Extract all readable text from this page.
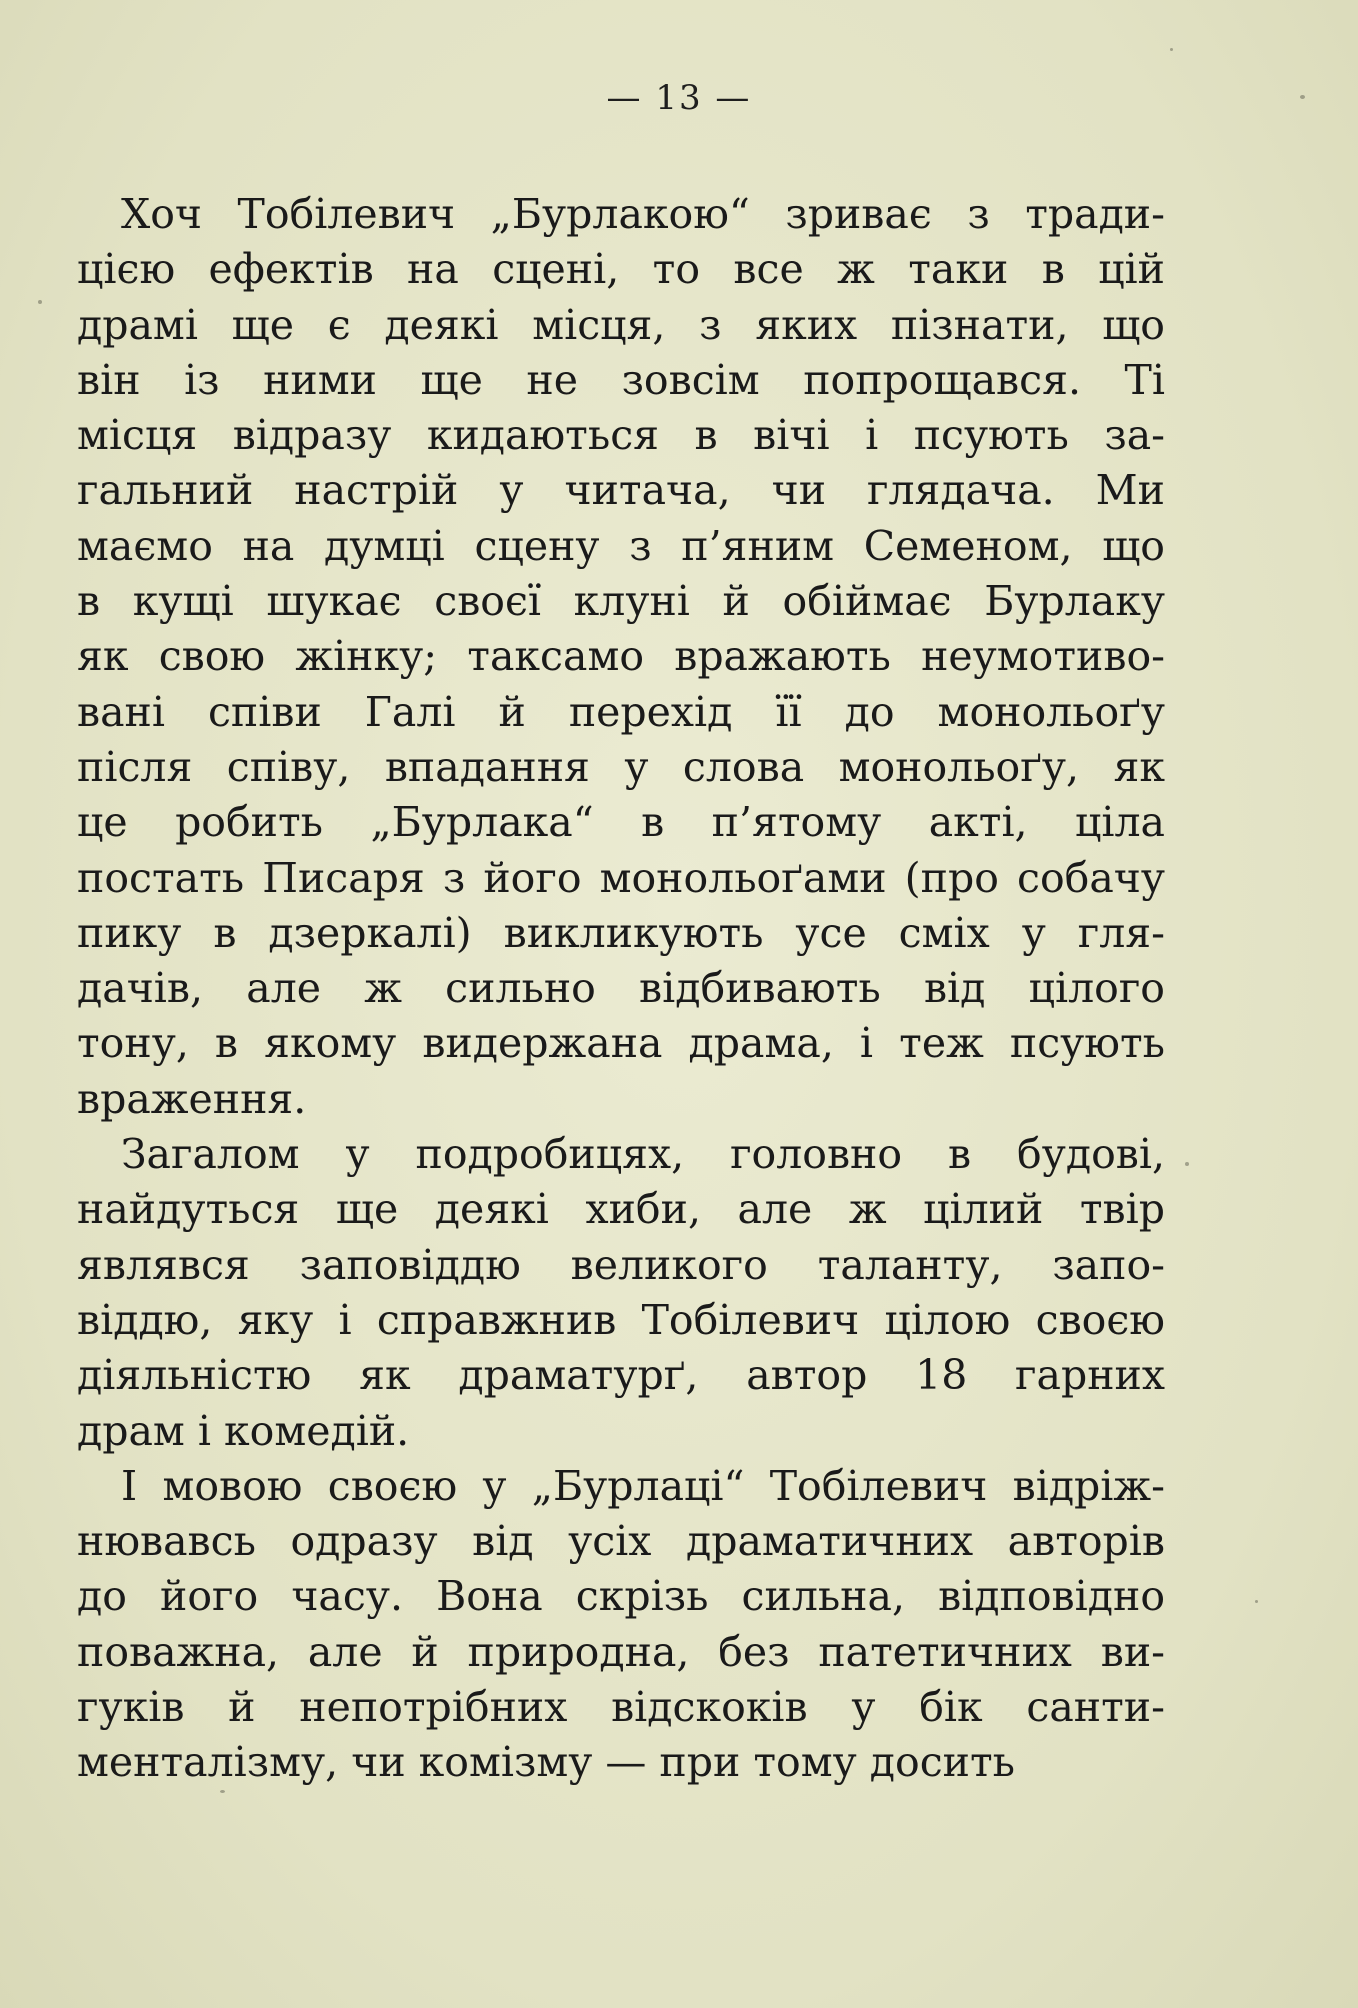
— 13 —
Хоч Тобілевич „Бурлакою“ зриває з тради-
цією ефектів на сцені, то все ж таки в цій
драмі ще є деякі місця, з яких пізнати, що
він із ними ще не зовсім попрощався. Ті
місця відразу кидаються в вічі і псують за-
гальний настрій у читача, чи глядача. Ми
маємо на думці сцену з п’яним Семеном, що
в кущі шукає своєї клуні й обіймає Бурлаку
як свою жінку; таксамо вражають неумотиво-
вані співи Галі й перехід її до монольоґу
після співу, впадання у слова монольоґу, як
це робить „Бурлака“ в п’ятому акті, ціла
постать Писаря з його монольоґами (про собачу
пику в дзеркалі) викликують усе сміх у гля-
дачів, але ж сильно відбивають від цілого
тону, в якому видержана драма, і теж псують
враження.
Загалом у подробицях, головно в будові,
найдуться ще деякі хиби, але ж цілий твір
являвся заповіддю великого таланту, запо-
віддю, яку і справжнив Тобілевич цілою своєю
діяльністю як драматурґ, автор 18 гарних
драм і комедій.
І мовою своєю у „Бурлаці“ Тобілевич відріж-
нювавсь одразу від усіх драматичних авторів
до його часу. Вона скрізь сильна, відповідно
поважна, але й природна, без патетичних ви-
гуків й непотрібних відскоків у бік санти-
менталізму, чи комізму — при тому досить
